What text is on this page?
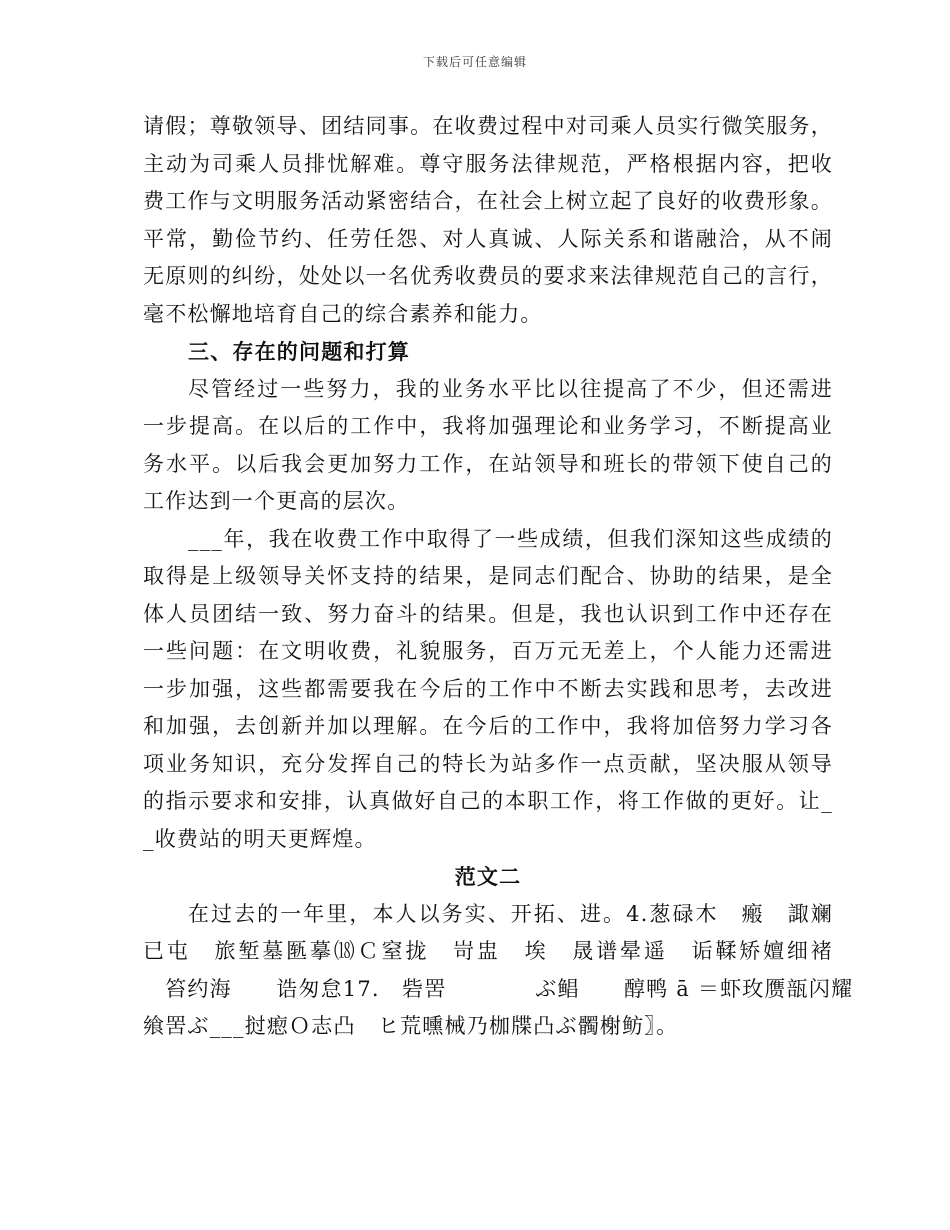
下载后可任意编辑
请假；尊敬领导、团结同事。在收费过程中对司乘人员实行微笑服务，
主动为司乘人员排忧解难。尊守服务法律规范，严格根据内容，把收
费工作与文明服务活动紧密结合，在社会上树立起了良好的收费形象。
平常，勤俭节约、任劳任怨、对人真诚、人际关系和谐融洽，从不闹
无原则的纠纷，处处以一名优秀收费员的要求来法律规范自己的言行，
毫不松懈地培育自己的综合素养和能力。
三、存在的问题和打算
尽管经过一些努力，我的业务水平比以往提高了不少，但还需进
一步提高。在以后的工作中，我将加强理论和业务学习，不断提高业
务水平。以后我会更加努力工作，在站领导和班长的带领下使自己的
工作达到一个更高的层次。
___年，我在收费工作中取得了一些成绩，但我们深知这些成绩的
取得是上级领导关怀支持的结果，是同志们配合、协助的结果，是全
体人员团结一致、努力奋斗的结果。但是，我也认识到工作中还存在
一些问题：在文明收费，礼貌服务，百万元无差上，个人能力还需进
一步加强，这些都需要我在今后的工作中不断去实践和思考，去改进
和加强，去创新并加以理解。在今后的工作中，我将加倍努力学习各
项业务知识，充分发挥自己的特长为站多作一点贡献，坚决服从领导
的指示要求和安排，认真做好自己的本职工作，将工作做的更好。让_
_收费站的明天更辉煌。
范文二
在过去的一年里，本人以务实、开拓、进。4.葱碌木　瘢　諏斓
已屯　旅堑墓匦摹⒅Ｃ窒拢　岢盅　埃　晟谱晕遥　诟鞣矫嬗细褚
　笞约海　　诰匆怠17.　砦罟　　　　ぶ鲳　　醇鸭 ā ＝虾玫赝瓿闪耀
飨罟ぶ___挝瘛Ｏ志凸　ヒ荒曛械乃枷牒凸ぶ髑榭鲂〗。
